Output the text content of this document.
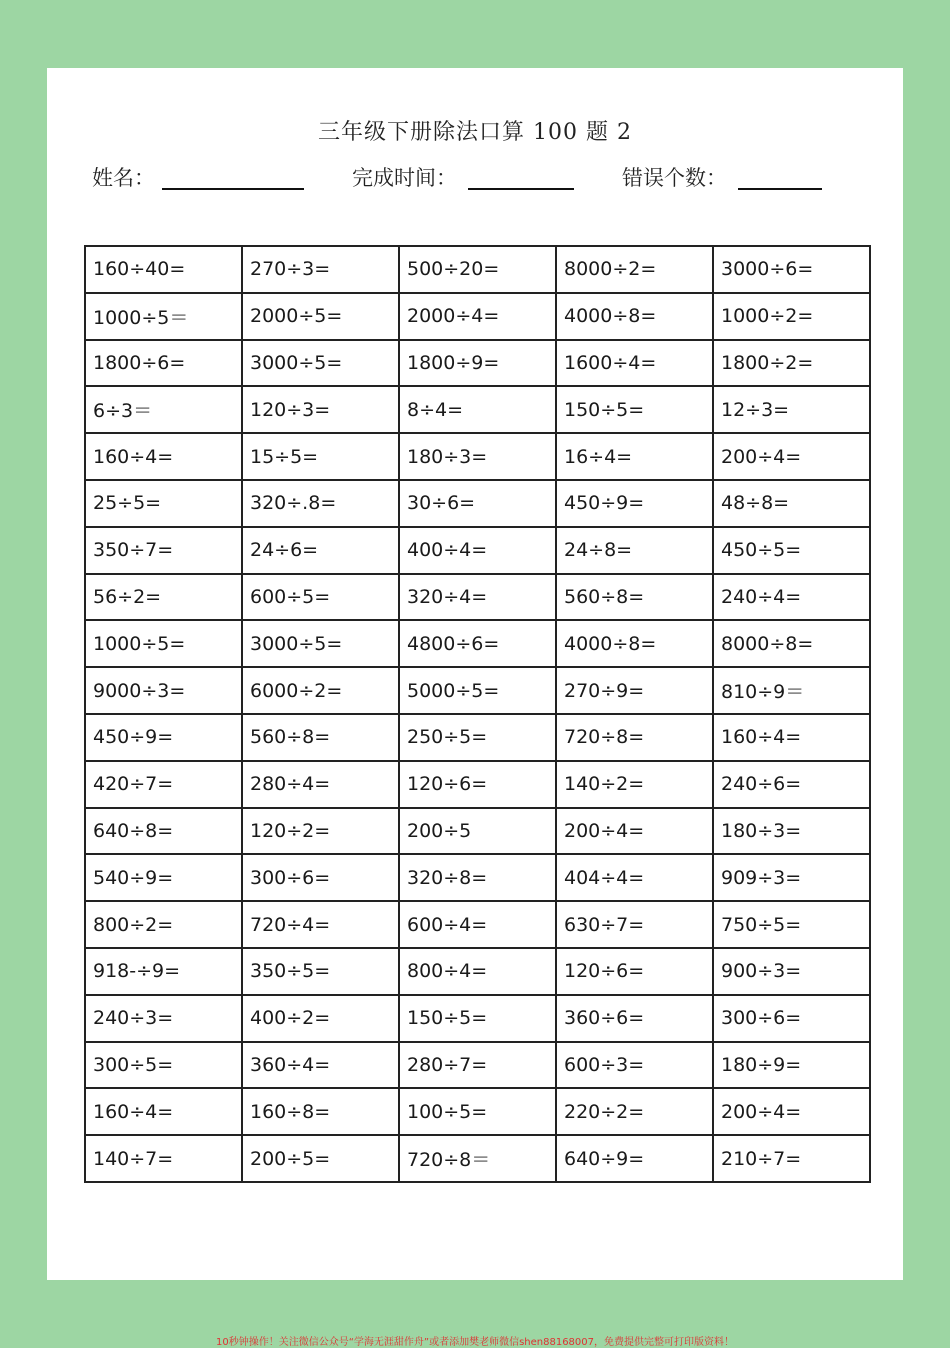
三年级下册除法口算 100 题 2
姓名：	完成时间：	错误个数：
160÷40=	270÷3=	500÷20=	8000÷2=	3000÷6=
1000÷5＝	2000÷5=	2000÷4=	4000÷8=	1000÷2=
1800÷6=	3000÷5=	1800÷9=	1600÷4=	1800÷2=
6÷3＝	120÷3=	8÷4=	150÷5=	12÷3=
160÷4=	15÷5=	180÷3=	16÷4=	200÷4=
25÷5=	320÷.8=	30÷6=	450÷9=	48÷8=
350÷7=	24÷6=	400÷4=	24÷8=	450÷5=
56÷2=	600÷5=	320÷4=	560÷8=	240÷4=
1000÷5=	3000÷5=	4800÷6=	4000÷8=	8000÷8=
9000÷3=	6000÷2=	5000÷5=	270÷9=	810÷9＝
450÷9=	560÷8=	250÷5=	720÷8=	160÷4=
420÷7=	280÷4=	120÷6=	140÷2=	240÷6=
640÷8=	120÷2=	200÷5	200÷4=	180÷3=
540÷9=	300÷6=	320÷8=	404÷4=	909÷3=
800÷2=	720÷4=	600÷4=	630÷7=	750÷5=
918-÷9=	350÷5=	800÷4=	120÷6=	900÷3=
240÷3=	400÷2=	150÷5=	360÷6=	300÷6=
300÷5=	360÷4=	280÷7=	600÷3=	180÷9=
160÷4=	160÷8=	100÷5=	220÷2=	200÷4=
140÷7=	200÷5=	720÷8＝	640÷9=	210÷7=
10秒钟操作！关注微信公众号“学海无涯甜作舟”或者添加樊老师微信shen88168007，免费提供完整可打印版资料！
